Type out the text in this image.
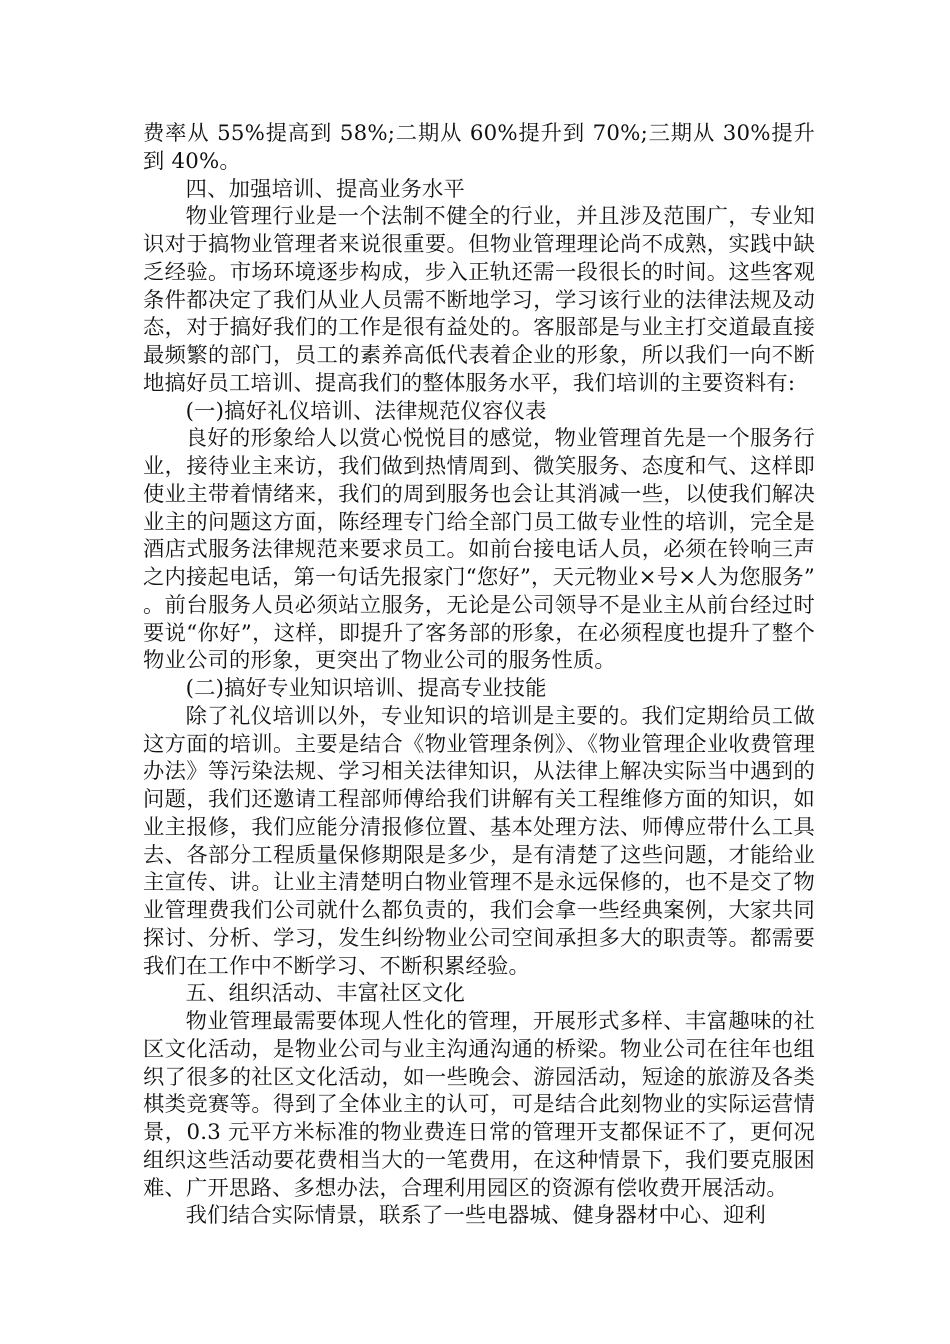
费率从 55%提高到 58%;二期从 60%提升到 70%;三期从 30%提升到 40%。

四、加强培训、提高业务水平

物业管理行业是一个法制不健全的行业，并且涉及范围广，专业知识对于搞物业管理者来说很重要。但物业管理理论尚不成熟，实践中缺乏经验。市场环境逐步构成，步入正轨还需一段很长的时间。这些客观条件都决定了我们从业人员需不断地学习，学习该行业的法律法规及动态，对于搞好我们的工作是很有益处的。客服部是与业主打交道最直接最频繁的部门，员工的素养高低代表着企业的形象，所以我们一向不断地搞好员工培训、提高我们的整体服务水平，我们培训的主要资料有:

(一)搞好礼仪培训、法律规范仪容仪表

良好的形象给人以赏心悦悦目的感觉，物业管理首先是一个服务行业，接待业主来访，我们做到热情周到、微笑服务、态度和气、这样即使业主带着情绪来，我们的周到服务也会让其消减一些，以使我们解决业主的问题这方面，陈经理专门给全部门员工做专业性的培训，完全是酒店式服务法律规范来要求员工。如前台接电话人员，必须在铃响三声之内接起电话，第一句话先报家门“您好”，天元物业×号×人为您服务”。前台服务人员必须站立服务，无论是公司领导不是业主从前台经过时要说“你好”，这样，即提升了客务部的形象，在必须程度也提升了整个物业公司的形象，更突出了物业公司的服务性质。

(二)搞好专业知识培训、提高专业技能

除了礼仪培训以外，专业知识的培训是主要的。我们定期给员工做这方面的培训。主要是结合《物业管理条例》、《物业管理企业收费管理办法》等污染法规、学习相关法律知识，从法律上解决实际当中遇到的问题，我们还邀请工程部师傅给我们讲解有关工程维修方面的知识，如业主报修，我们应能分清报修位置、基本处理方法、师傅应带什么工具去、各部分工程质量保修期限是多少，是有清楚了这些问题，才能给业主宣传、讲。让业主清楚明白物业管理不是永远保修的，也不是交了物业管理费我们公司就什么都负责的，我们会拿一些经典案例，大家共同探讨、分析、学习，发生纠纷物业公司空间承担多大的职责等。都需要我们在工作中不断学习、不断积累经验。

五、组织活动、丰富社区文化

物业管理最需要体现人性化的管理，开展形式多样、丰富趣味的社区文化活动，是物业公司与业主沟通沟通的桥梁。物业公司在往年也组织了很多的社区文化活动，如一些晚会、游园活动，短途的旅游及各类棋类竞赛等。得到了全体业主的认可，可是结合此刻物业的实际运营情景，0.3 元平方米标准的物业费连日常的管理开支都保证不了，更何况组织这些活动要花费相当大的一笔费用，在这种情景下，我们要克服困难、广开思路、多想办法，合理利用园区的资源有偿收费开展活动。

我们结合实际情景，联系了一些电器城、健身器材中心、迎利
